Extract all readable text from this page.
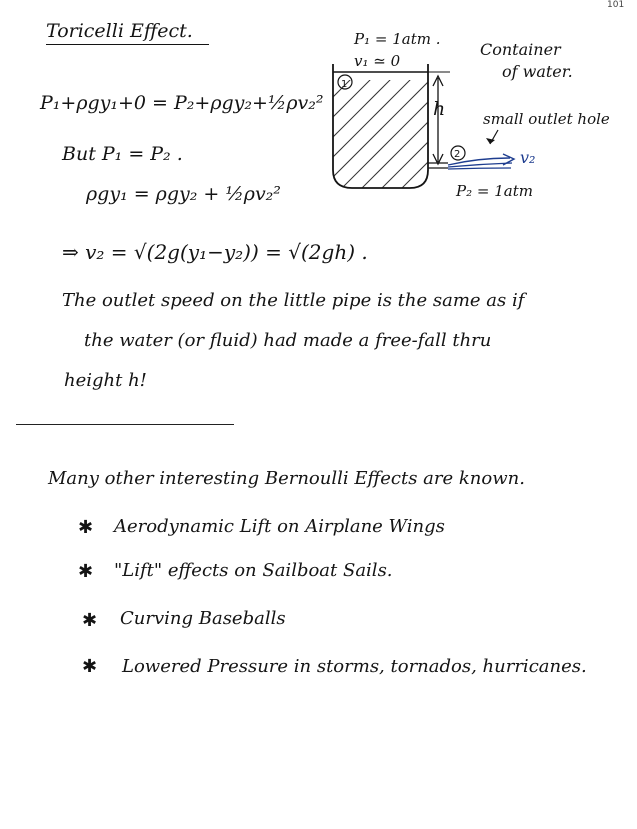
101
Toricelli Effect.
P₁+ρgy₁+0 = P₂+ρgy₂+½ρv₂²
But P₁ = P₂ .
ρgy₁ = ρgy₂ + ½ρv₂²
⇒ v₂ = √(2g(y₁−y₂)) = √(2gh) .
The outlet speed on the little pipe is the same as if
the water (or fluid) had made a free-fall thru
height h!
1
2
P₁ = 1atm .
v₁ ≃ 0
Container
of water.
small outlet hole
h
v₂
P₂ = 1atm
Many other interesting Bernoulli Effects are known.
✱ Aerodynamic Lift on Airplane Wings
✱ "Lift" effects on Sailboat Sails.
✱ Curving Baseballs
✱ Lowered Pressure in storms, tornados, hurricanes.
